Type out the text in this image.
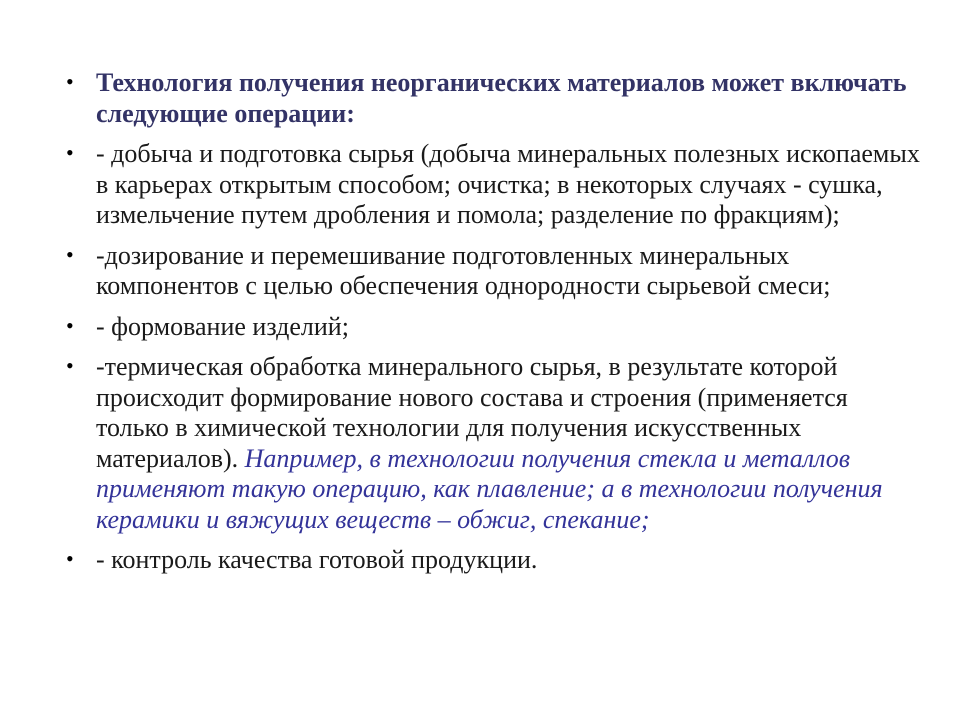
• Технология получения неорганических материалов может включать следующие операции:
• - добыча и подготовка сырья (добыча минеральных полезных ископаемых в карьерах открытым способом; очистка; в некоторых случаях - сушка, измельчение путем дробления и помола; разделение по фракциям);
• -дозирование и перемешивание подготовленных минеральных компонентов с целью обеспечения однородности сырьевой смеси;
• - формование изделий;
• -термическая обработка минерального сырья, в результате которой происходит формирование нового состава и строения (применяется только в химической технологии для получения искусственных материалов). Например, в технологии получения стекла и металлов применяют такую операцию, как плавление; а в технологии получения керамики и вяжущих веществ – обжиг, спекание;
• - контроль качества готовой продукции.
